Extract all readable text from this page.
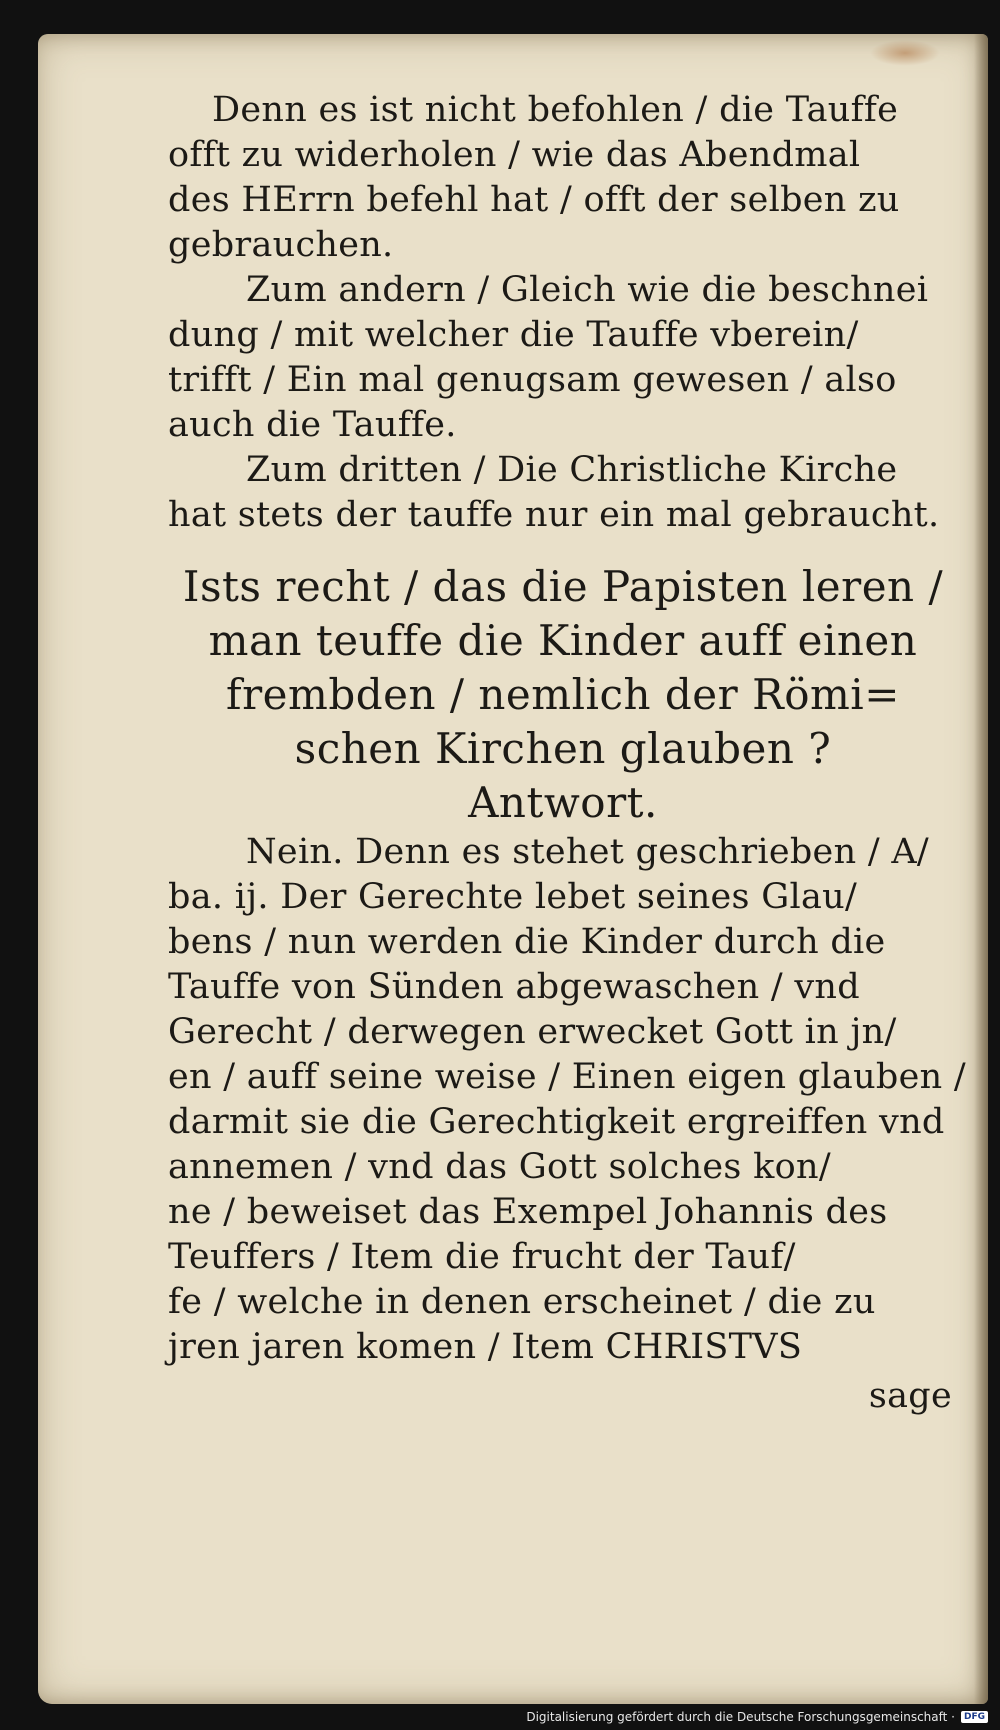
Denn es ist nicht befohlen / die Tauffe
offt zu widerholen / wie das Abendmal
des HErrn befehl hat / offt der selben zu
gebrauchen.

Zum andern / Gleich wie die beschnei
dung / mit welcher die Tauffe vberein/
trifft / Ein mal genugsam gewesen / also
auch die Tauffe.

Zum dritten / Die Christliche Kirche
hat stets der tauffe nur ein mal gebraucht.

Ists recht / das die Papisten leren /
man teuffe die Kinder auff einen
frembden / nemlich der Römi=
schen Kirchen glauben ?
Antwort.

Nein. Denn es stehet geschrieben / A/
ba. ij. Der Gerechte lebet seines Glau/
bens / nun werden die Kinder durch die
Tauffe von Sünden abgewaschen / vnd
Gerecht / derwegen erwecket Gott in jn/
en / auff seine weise / Einen eigen glauben /
darmit sie die Gerechtigkeit ergreiffen vnd
annemen / vnd das Gott solches kon/
ne / beweiset das Exempel Johannis des
Teuffers / Item die frucht der Tauf/
fe / welche in denen erscheinet / die zu
jren jaren komen / Item CHRISTVS

sage
Digitalisierung gefördert durch die Deutsche Forschungsgemeinschaft ·	DFG
